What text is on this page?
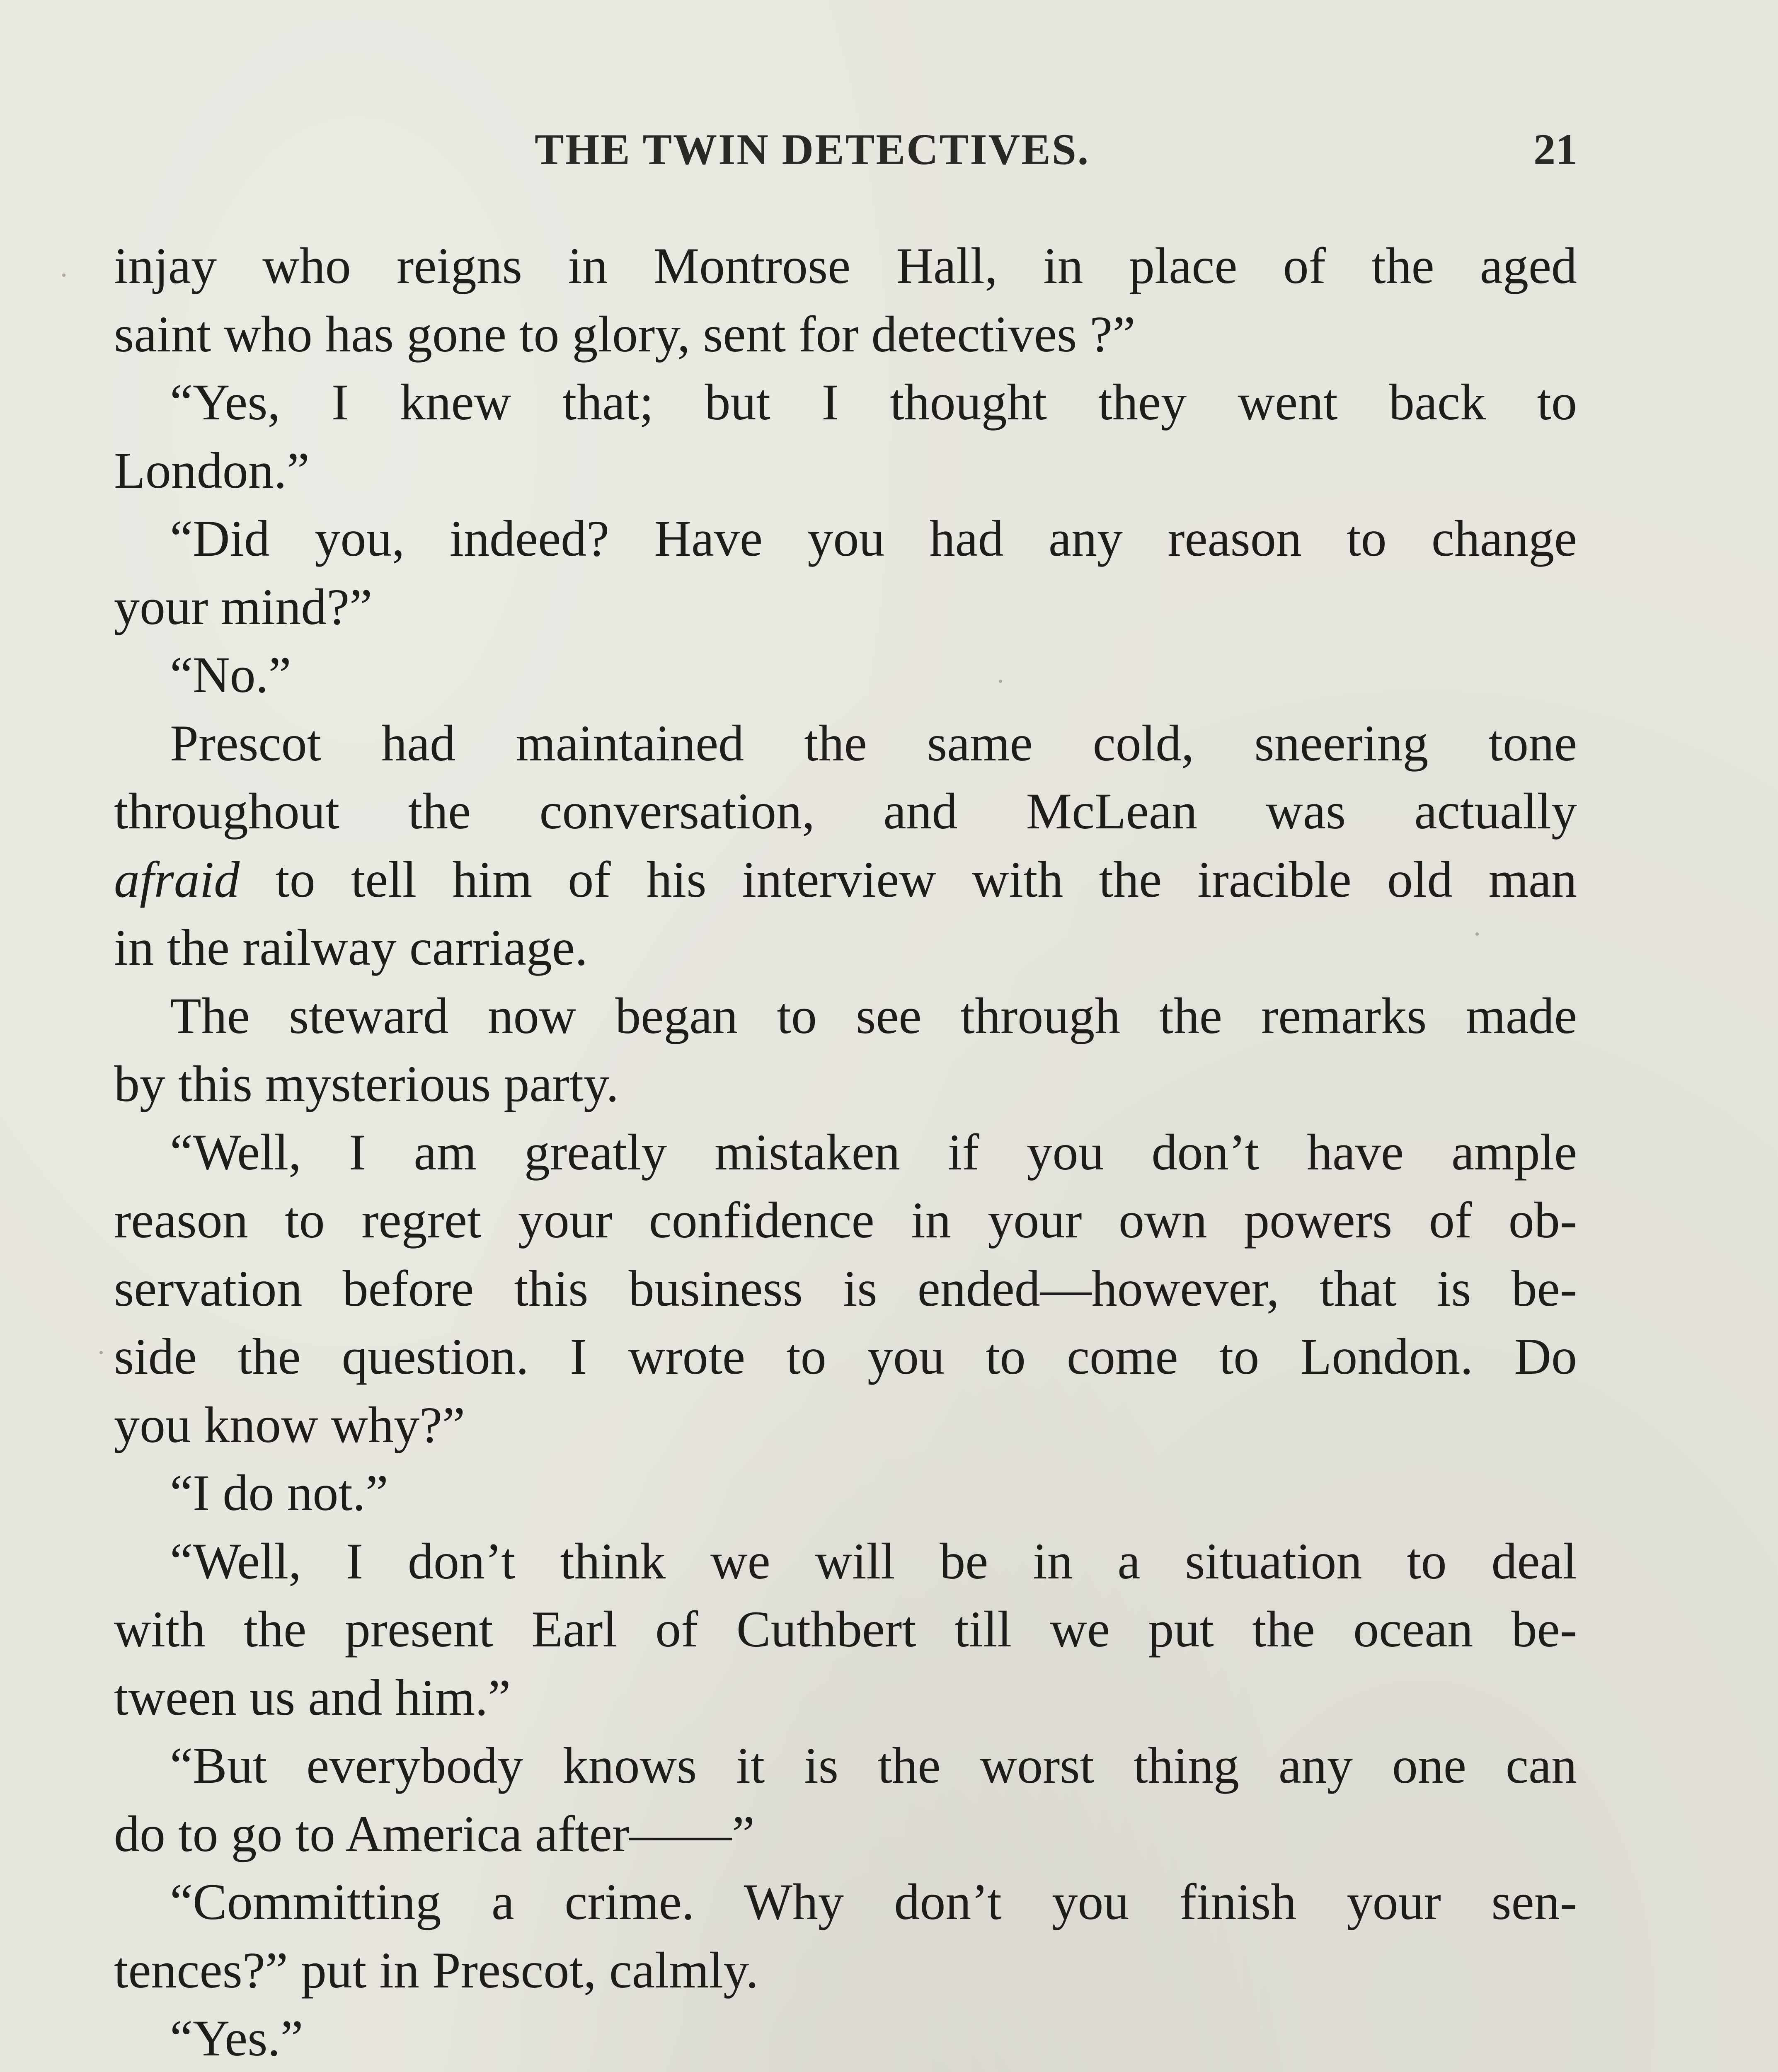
THE TWIN DETECTIVES.	21
injay who reigns in Montrose Hall, in place of the aged
saint who has gone to glory, sent for detectives ?”
“Yes, I knew that; but I thought they went back to
London.”
“Did you, indeed? Have you had any reason to change
your mind?”
“No.”
Prescot had maintained the same cold, sneering tone
throughout the conversation, and McLean was actually
afraid to tell him of his interview with the iracible old man
in the railway carriage.
The steward now began to see through the remarks made
by this mysterious party.
“Well, I am greatly mistaken if you don’t have ample
reason to regret your confidence in your own powers of ob-
servation before this business is ended—however, that is be-
side the question. I wrote to you to come to London. Do
you know why?”
“I do not.”
“Well, I don’t think we will be in a situation to deal
with the present Earl of Cuthbert till we put the ocean be-
tween us and him.”
“But everybody knows it is the worst thing any one can
do to go to America after——”
“Committing a crime. Why don’t you finish your sen-
tences?” put in Prescot, calmly.
“Yes.”
